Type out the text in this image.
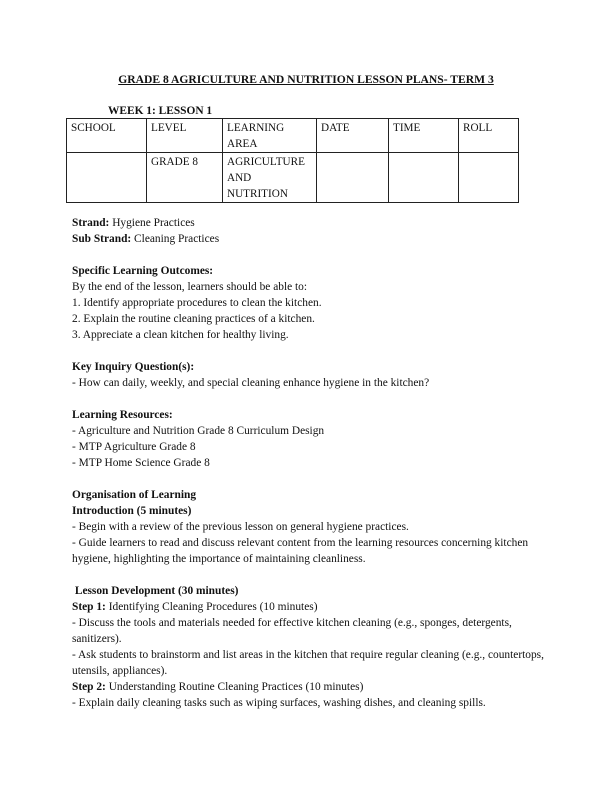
GRADE 8 AGRICULTURE AND NUTRITION LESSON PLANS- TERM 3
WEEK 1: LESSON 1
SCHOOL	LEVEL	LEARNING AREA	DATE	TIME	ROLL
	GRADE 8	AGRICULTURE AND NUTRITION			
Strand: Hygiene Practices
Sub Strand: Cleaning Practices
Specific Learning Outcomes:
By the end of the lesson, learners should be able to:
1. Identify appropriate procedures to clean the kitchen.
2. Explain the routine cleaning practices of a kitchen.
3. Appreciate a clean kitchen for healthy living.
Key Inquiry Question(s):
- How can daily, weekly, and special cleaning enhance hygiene in the kitchen?
Learning Resources:
- Agriculture and Nutrition Grade 8 Curriculum Design
- MTP Agriculture Grade 8
- MTP Home Science Grade 8
Organisation of Learning
Introduction (5 minutes)
- Begin with a review of the previous lesson on general hygiene practices.
- Guide learners to read and discuss relevant content from the learning resources concerning kitchen hygiene, highlighting the importance of maintaining cleanliness.
Lesson Development (30 minutes)
Step 1: Identifying Cleaning Procedures (10 minutes)
- Discuss the tools and materials needed for effective kitchen cleaning (e.g., sponges, detergents, sanitizers).
- Ask students to brainstorm and list areas in the kitchen that require regular cleaning (e.g., countertops, utensils, appliances).
Step 2: Understanding Routine Cleaning Practices (10 minutes)
- Explain daily cleaning tasks such as wiping surfaces, washing dishes, and cleaning spills.
